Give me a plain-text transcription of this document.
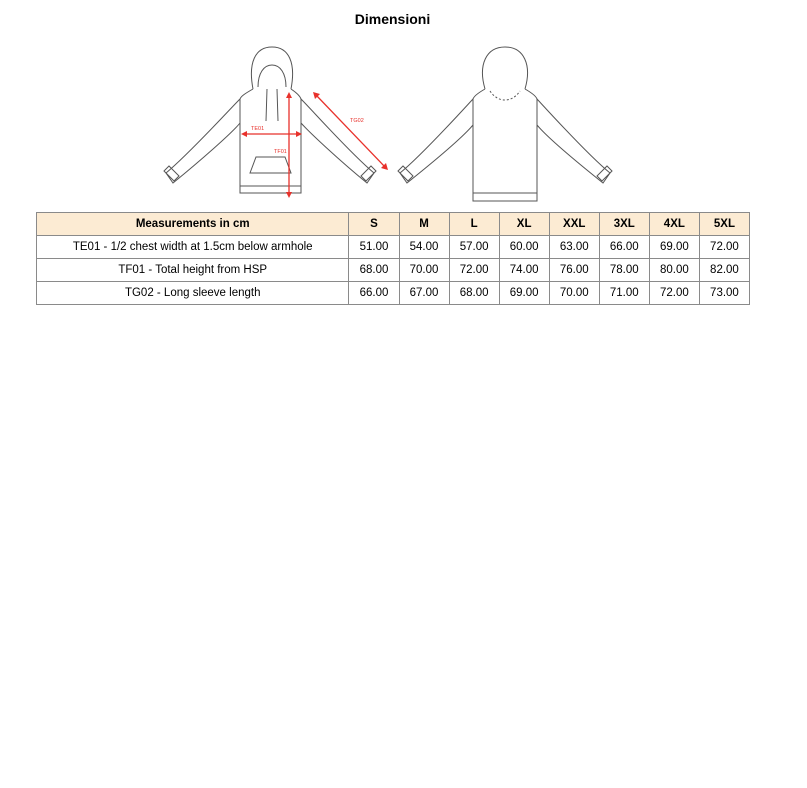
Dimensioni
TE01
TF01
TG02
Measurements in cm	S	M	L	XL	XXL	3XL	4XL	5XL
TE01 - 1/2 chest width at 1.5cm below armhole	51.00	54.00	57.00	60.00	63.00	66.00	69.00	72.00
TF01 - Total height from HSP	68.00	70.00	72.00	74.00	76.00	78.00	80.00	82.00
TG02 - Long sleeve length	66.00	67.00	68.00	69.00	70.00	71.00	72.00	73.00
